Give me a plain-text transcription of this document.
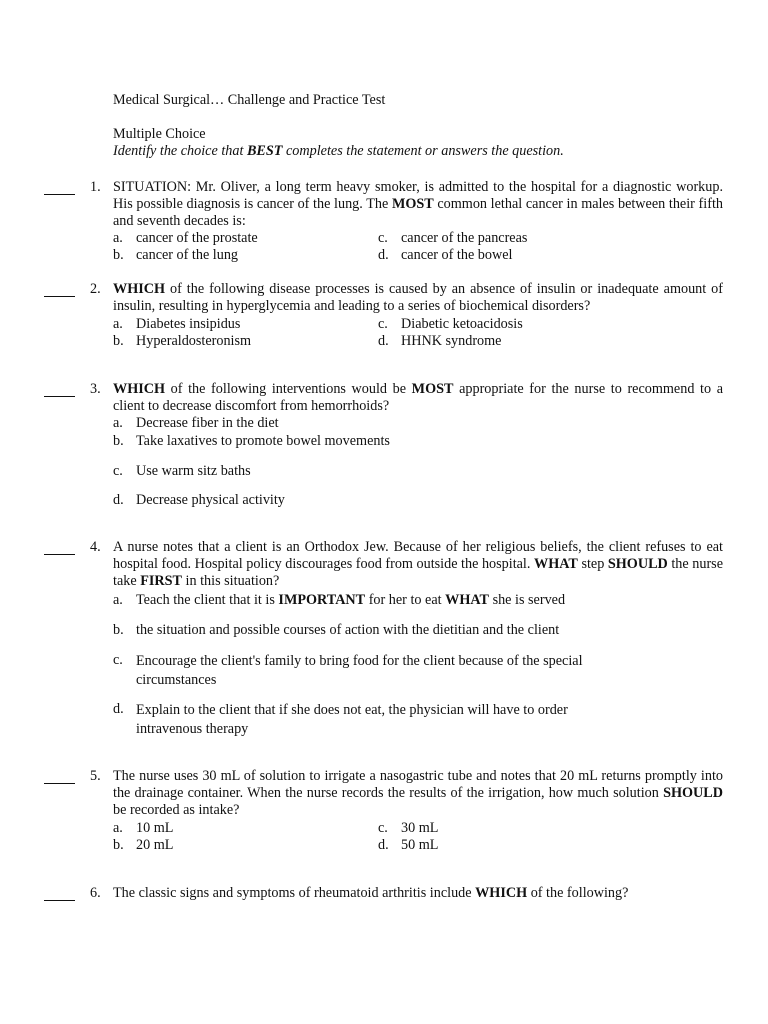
Medical Surgical… Challenge and Practice Test
Multiple Choice
Identify the choice that BEST completes the statement or answers the question.
1. SITUATION: Mr. Oliver, a long term heavy smoker, is admitted to the hospital for a diagnostic workup. His possible diagnosis is cancer of the lung. The MOST common lethal cancer in males between their fifth and seventh decades is:
a. cancer of the prostate
b. cancer of the lung
c. cancer of the pancreas
d. cancer of the bowel
2. WHICH of the following disease processes is caused by an absence of insulin or inadequate amount of insulin, resulting in hyperglycemia and leading to a series of biochemical disorders?
a. Diabetes insipidus
b. Hyperaldosteronism
c. Diabetic ketoacidosis
d. HHNK syndrome
3. WHICH of the following interventions would be MOST appropriate for the nurse to recommend to a client to decrease discomfort from hemorrhoids?
a. Decrease fiber in the diet
b. Take laxatives to promote bowel movements
c. Use warm sitz baths
d. Decrease physical activity
4. A nurse notes that a client is an Orthodox Jew. Because of her religious beliefs, the client refuses to eat hospital food. Hospital policy discourages food from outside the hospital. WHAT step SHOULD the nurse take FIRST in this situation?
a. Teach the client that it is IMPORTANT for her to eat WHAT she is served
b. the situation and possible courses of action with the dietitian and the client
c. Encourage the client's family to bring food for the client because of the special
circumstances
d. Explain to the client that if she does not eat, the physician will have to order
intravenous therapy
5. The nurse uses 30 mL of solution to irrigate a nasogastric tube and notes that 20 mL returns promptly into the drainage container. When the nurse records the results of the irrigation, how much solution SHOULD be recorded as intake?
a. 10 mL
b. 20 mL
c. 30 mL
d. 50 mL
6. The classic signs and symptoms of rheumatoid arthritis include WHICH of the following?
